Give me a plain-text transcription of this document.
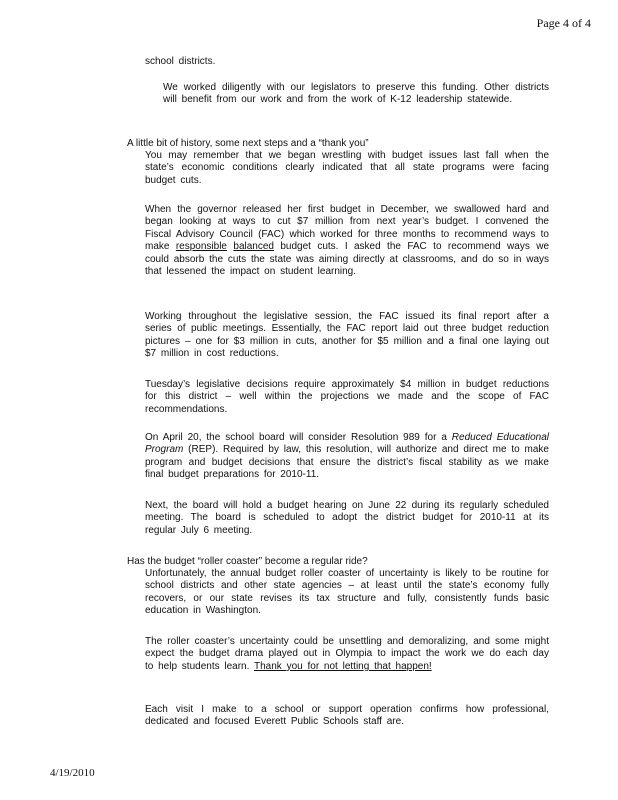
Page 4 of 4
school districts.
We worked diligently with our legislators to preserve this funding. Other districts will benefit from our work and from the work of K-12 leadership statewide.
A little bit of history, some next steps and a “thank you”
You may remember that we began wrestling with budget issues last fall when the state’s economic conditions clearly indicated that all state programs were facing budget cuts.
When the governor released her first budget in December, we swallowed hard and began looking at ways to cut $7 million from next year’s budget. I convened the Fiscal Advisory Council (FAC) which worked for three months to recommend ways to make responsible balanced budget cuts. I asked the FAC to recommend ways we could absorb the cuts the state was aiming directly at classrooms, and do so in ways that lessened the impact on student learning.
Working throughout the legislative session, the FAC issued its final report after a series of public meetings. Essentially, the FAC report laid out three budget reduction pictures – one for $3 million in cuts, another for $5 million and a final one laying out $7 million in cost reductions.
Tuesday’s legislative decisions require approximately $4 million in budget reductions for this district – well within the projections we made and the scope of FAC recommendations.
On April 20, the school board will consider Resolution 989 for a Reduced Educational Program (REP). Required by law, this resolution, will authorize and direct me to make program and budget decisions that ensure the district’s fiscal stability as we make final budget preparations for 2010-11.
Next, the board will hold a budget hearing on June 22 during its regularly scheduled meeting. The board is scheduled to adopt the district budget for 2010-11 at its regular July 6 meeting.
Has the budget “roller coaster” become a regular ride?
Unfortunately, the annual budget roller coaster of uncertainty is likely to be routine for school districts and other state agencies – at least until the state’s economy fully recovers, or our state revises its tax structure and fully, consistently funds basic education in Washington.
The roller coaster’s uncertainty could be unsettling and demoralizing, and some might expect the budget drama played out in Olympia to impact the work we do each day to help students learn. Thank you for not letting that happen!
Each visit I make to a school or support operation confirms how professional, dedicated and focused Everett Public Schools staff are.
4/19/2010
